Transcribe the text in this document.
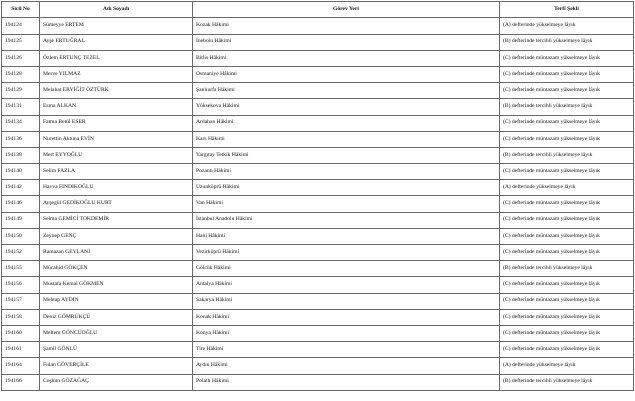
Sicil No	Adı Soyadı	Görev Yeri	Terfi Şekli
194124	Sümeyye ERTEM	Kozak Hâkimi	(A) defterinde yükselmeye lâyık
194125	Ayşe ERTUĞRAL	İnebolu Hâkimi	(B) defterinde tercihli yükselmeye lâyık
194126	Özlem ERTUNÇ TEZEL	Bitlis Hâkimi	(C) defterinde müntazam yükselmeye lâyık
194128	Merve YILMAZ	Osmaniye Hâkimi	(C) defterinde müntazam yükselmeye lâyık
194129	Melahat ERYİĞİT ÖZTÜRK	Şanlıurfa Hâkimi	(C) defterinde müntazam yükselmeye lâyık
194131	Esma ALKAN	Yüksekova Hâkimi	(B) defterinde tercihli yükselmeye lâyık
194134	Fatma Betül ESER	Ardahan Hâkimi	(C) defterinde müntazam yükselmeye lâyık
194136	Nurettin Aktuna EVİN	Kars Hâkimi	(C) defterinde müntazam yükselmeye lâyık
194138	Mert EYYOĞLU	Yargıtay Tetkik Hâkimi	(B) defterinde tercihli yükselmeye lâyık
194140	Selim FAZLA	Pozantı Hâkimi	(C) defterinde müntazam yükselmeye lâyık
194142	Havva FINDIKOĞLU	Uzunköprü Hâkimi	(A) defterinde yükselmeye lâyık
194146	Ayşegül GEDİKOĞLU KURT	Van Hâkimi	(C) defterinde müntazam yükselmeye lâyık
194149	Selma GEMİCİ TOKDEMİR	İstanbul Anadolu Hâkimi	(C) defterinde müntazam yükselmeye lâyık
194150	Zeynep GENÇ	Hani Hâkimi	(C) defterinde müntazam yükselmeye lâyık
194152	Ramazan GEYLANİ	Vezirköprü Hâkimi	(C) defterinde müntazam yükselmeye lâyık
194155	Mücahid GÖKÇEN	Gölcük Hâkimi	(B) defterinde tercihli yükselmeye lâyık
194156	Mustafa Kemal GÖKMEN	Antalya Hâkimi	(C) defterinde müntazam yükselmeye lâyık
194157	Mehtap AYDIN	Sakarya Hâkimi	(C) defterinde müntazam yükselmeye lâyık
194158	Deniz GÖMRÜKÇÜ	Konak Hâkimi	(C) defterinde müntazam yükselmeye lâyık
194160	Meltem GÖNCÜOĞLU	Konya Hâkimi	(C) defterinde müntazam yükselmeye lâyık
194161	Şamil GÖNLÜ	Tire Hâkimi	(C) defterinde müntazam yükselmeye lâyık
194164	Fidan GÖVERÇİLE	Aydın Hâkimi	(A) defterinde yükselmeye lâyık
194166	Coşkun GÖZAĞAÇ	Polatlı Hâkimi	(B) defterinde tercihli yükselmeye lâyık
